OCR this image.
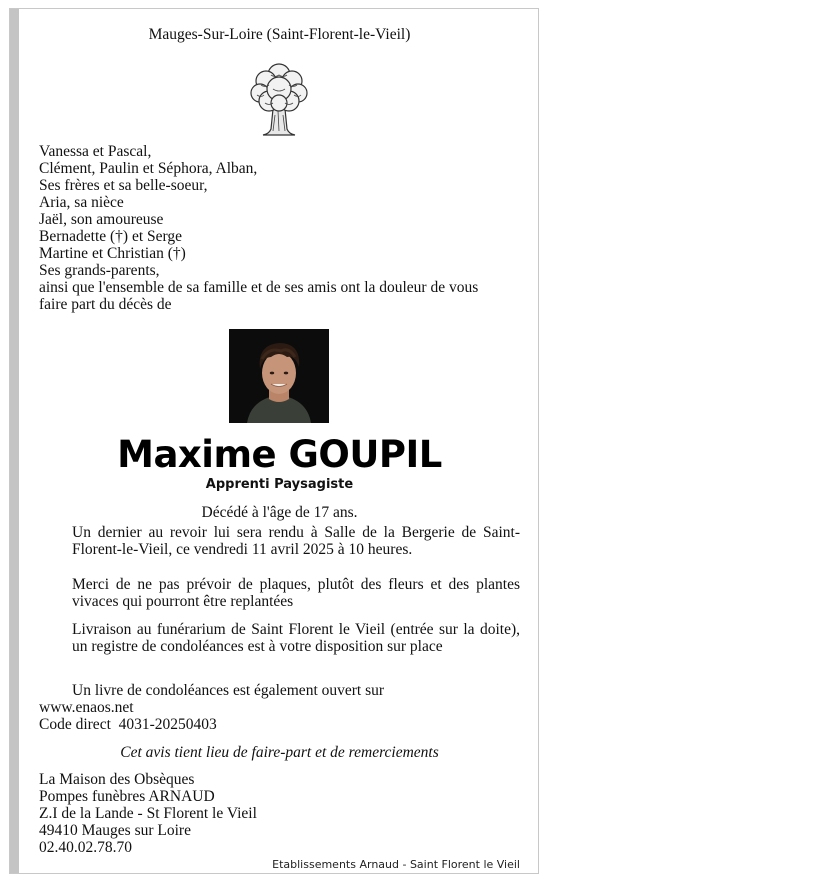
Mauges-Sur-Loire (Saint-Florent-le-Vieil)
Vanessa et Pascal,
Clément, Paulin et Séphora, Alban,
Ses frères et sa belle-soeur,
Aria, sa nièce
Jaël, son amoureuse
Bernadette (†) et Serge
Martine et Christian (†)
Ses grands-parents,
ainsi que l'ensemble de sa famille et de ses amis ont la douleur de vous
faire part du décès de
Maxime GOUPIL
Apprenti Paysagiste
Décédé à l'âge de 17 ans.
Un dernier au revoir lui sera rendu à Salle de la Bergerie de Saint-Florent-le-Vieil, ce vendredi 11 avril 2025 à 10 heures.
Merci de ne pas prévoir de plaques, plutôt des fleurs et des plantes vivaces qui pourront être replantées
Livraison au funérarium de Saint Florent le Vieil (entrée sur la doite), un registre de condoléances est à votre disposition sur place
Un livre de condoléances est également ouvert sur
www.enaos.net
Code direct  4031-20250403
Cet avis tient lieu de faire-part et de remerciements
La Maison des Obsèques
Pompes funèbres ARNAUD
Z.I de la Lande - St Florent le Vieil
49410 Mauges sur Loire
02.40.02.78.70
Etablissements Arnaud - Saint Florent le Vieil
